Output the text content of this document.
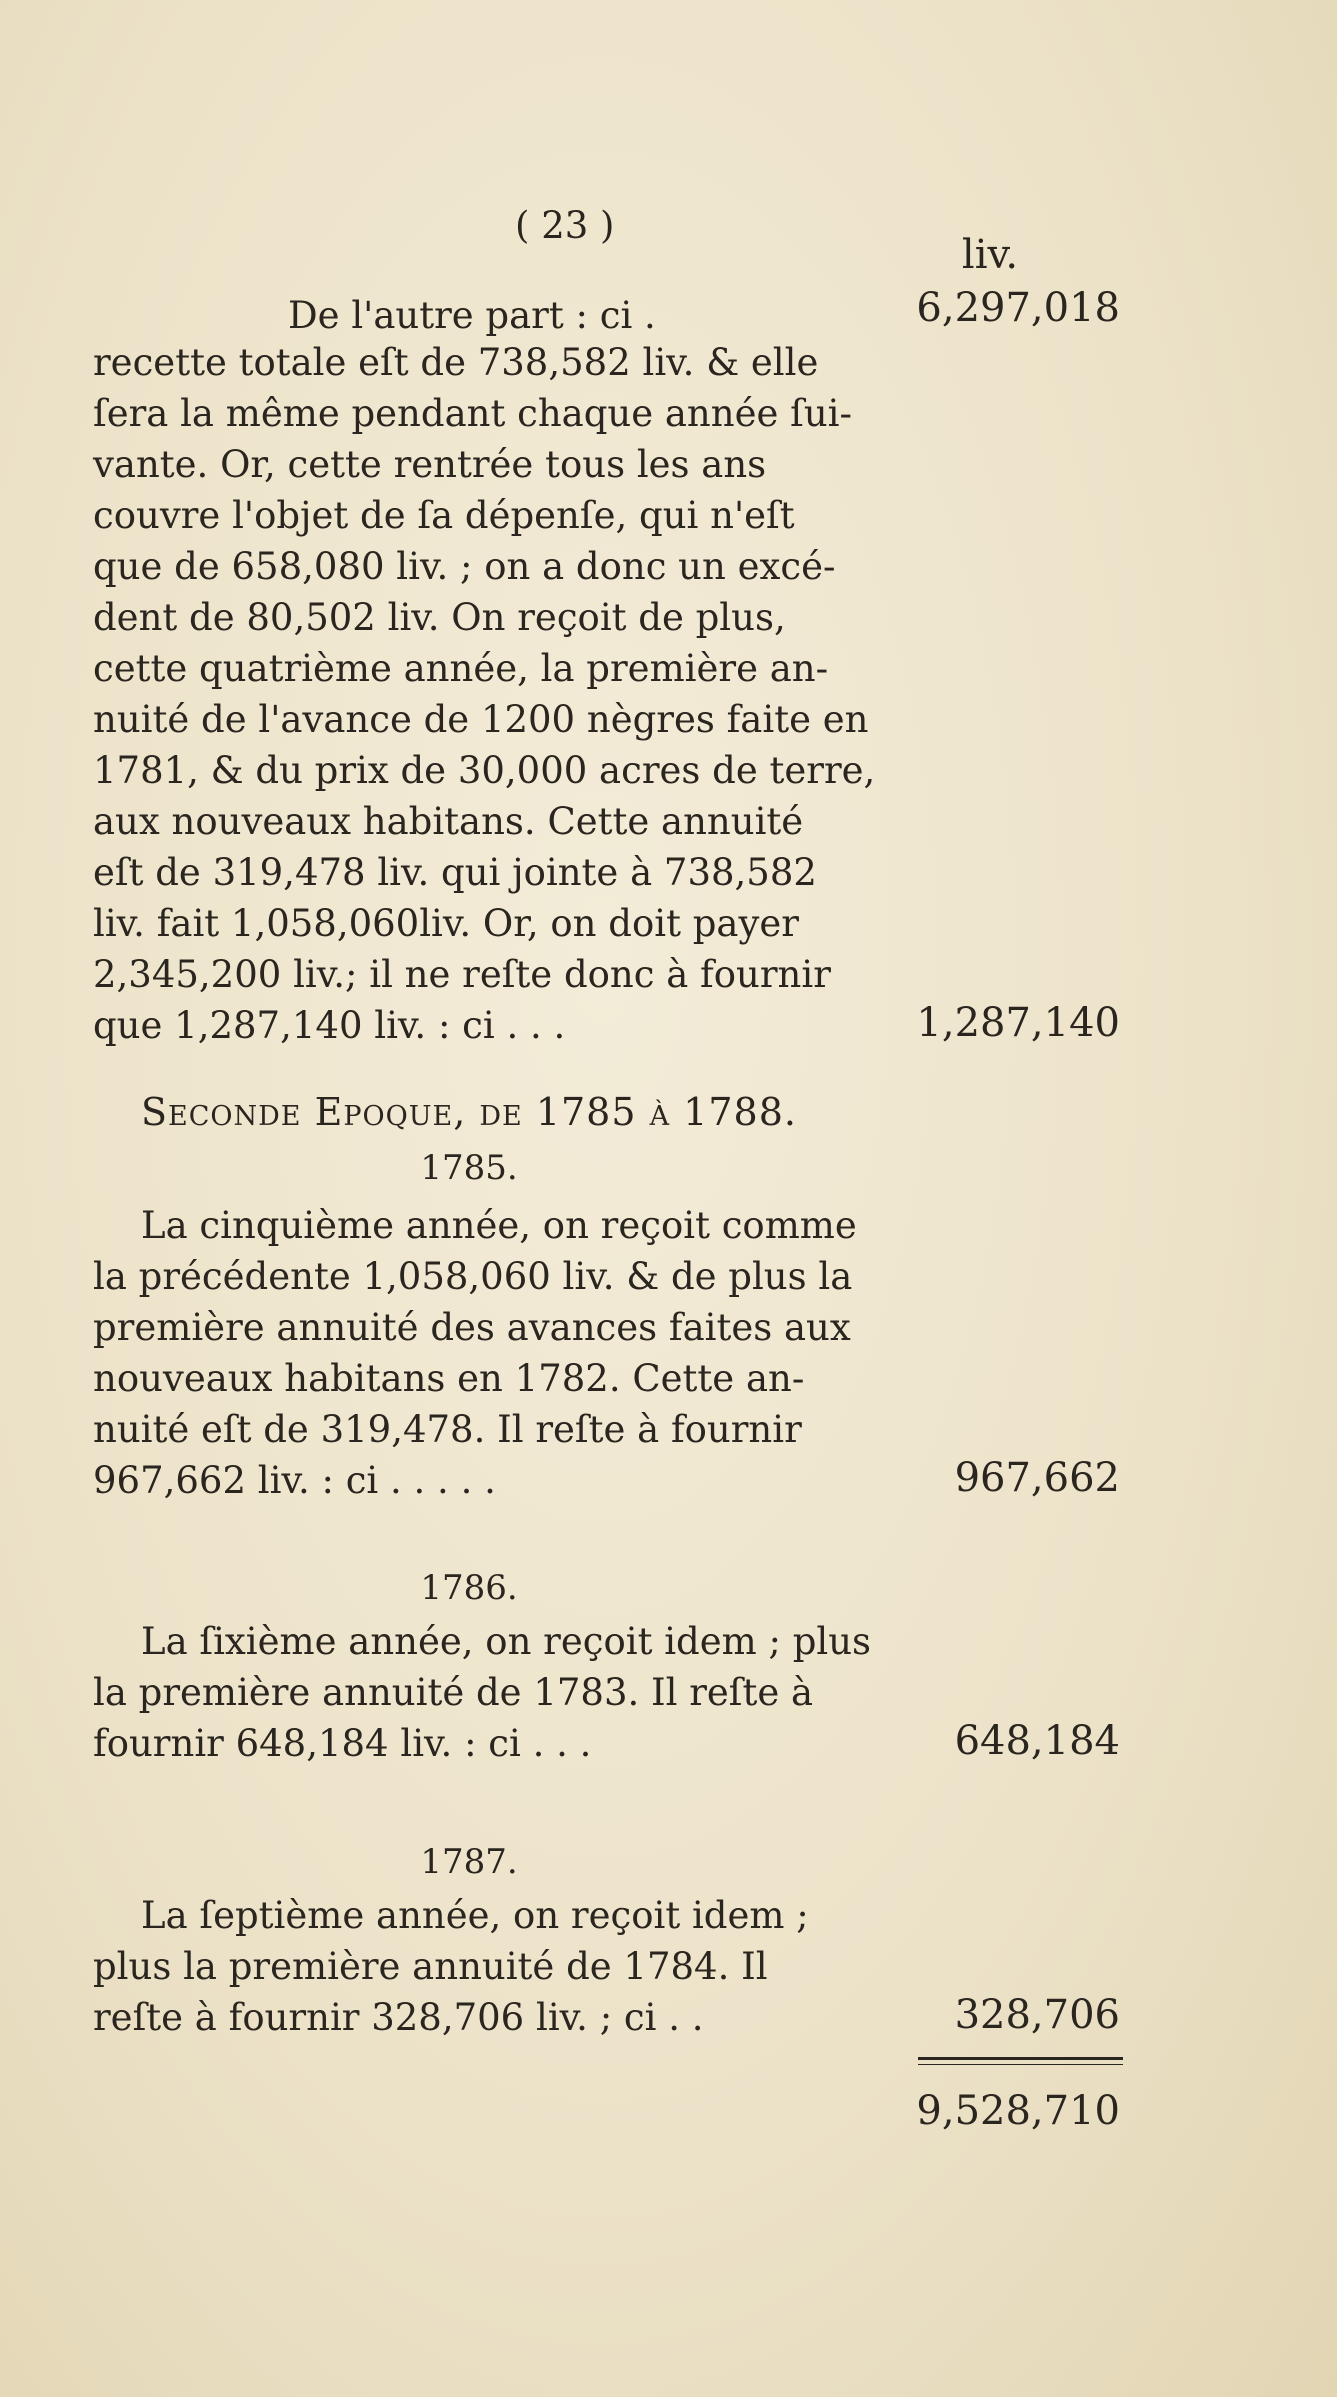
( 23 )
liv.
De l'autre part : ci .	6,297,018
recette totale eſt de 738,582 liv. & elle
ſera la même pendant chaque année ſui-
vante. Or, cette rentrée tous les ans
couvre l'objet de ſa dépenſe, qui n'eſt
que de 658,080 liv. ; on a donc un excé-
dent de 80,502 liv. On reçoit de plus,
cette quatrième année, la première an-
nuité de l'avance de 1200 nègres faite en
1781, & du prix de 30,000 acres de terre,
aux nouveaux habitans. Cette annuité
eſt de 319,478 liv. qui jointe à 738,582
liv. fait 1,058,060liv. Or, on doit payer
2,345,200 liv.; il ne reſte donc à fournir
que 1,287,140 liv. : ci . . .	1,287,140
Seconde Epoque, de 1785 à 1788.
1785.
La cinquième année, on reçoit comme
la précédente 1,058,060 liv. & de plus la
première annuité des avances faites aux
nouveaux habitans en 1782. Cette an-
nuité eſt de 319,478. Il reſte à fournir
967,662 liv. : ci . . . . .	967,662
1786.
La ſixième année, on reçoit idem ; plus
la première annuité de 1783. Il reſte à
fournir 648,184 liv. : ci . . .	648,184
1787.
La ſeptième année, on reçoit idem ;
plus la première annuité de 1784. Il
reſte à fournir 328,706 liv. ; ci . .	328,706
9,528,710
